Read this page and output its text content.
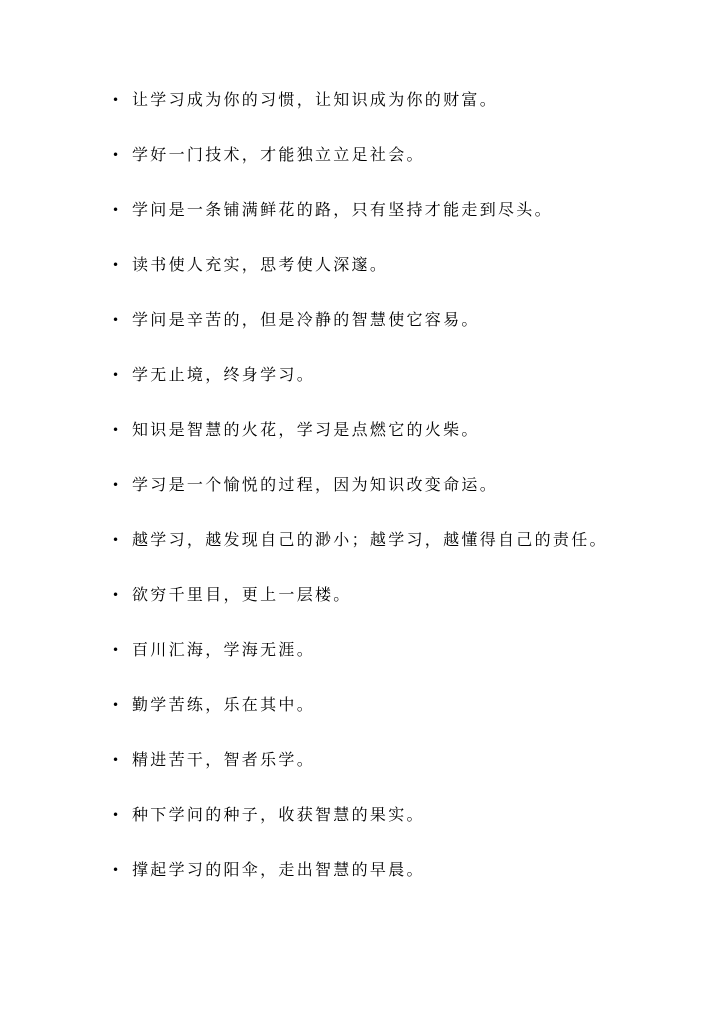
• 让学习成为你的习惯，让知识成为你的财富。
• 学好一门技术，才能独立立足社会。
• 学问是一条铺满鲜花的路，只有坚持才能走到尽头。
• 读书使人充实，思考使人深邃。
• 学问是辛苦的，但是冷静的智慧使它容易。
• 学无止境，终身学习。
• 知识是智慧的火花，学习是点燃它的火柴。
• 学习是一个愉悦的过程，因为知识改变命运。
• 越学习，越发现自己的渺小；越学习，越懂得自己的责任。
• 欲穷千里目，更上一层楼。
• 百川汇海，学海无涯。
• 勤学苦练，乐在其中。
• 精进苦干，智者乐学。
• 种下学问的种子，收获智慧的果实。
• 撑起学习的阳伞，走出智慧的早晨。
